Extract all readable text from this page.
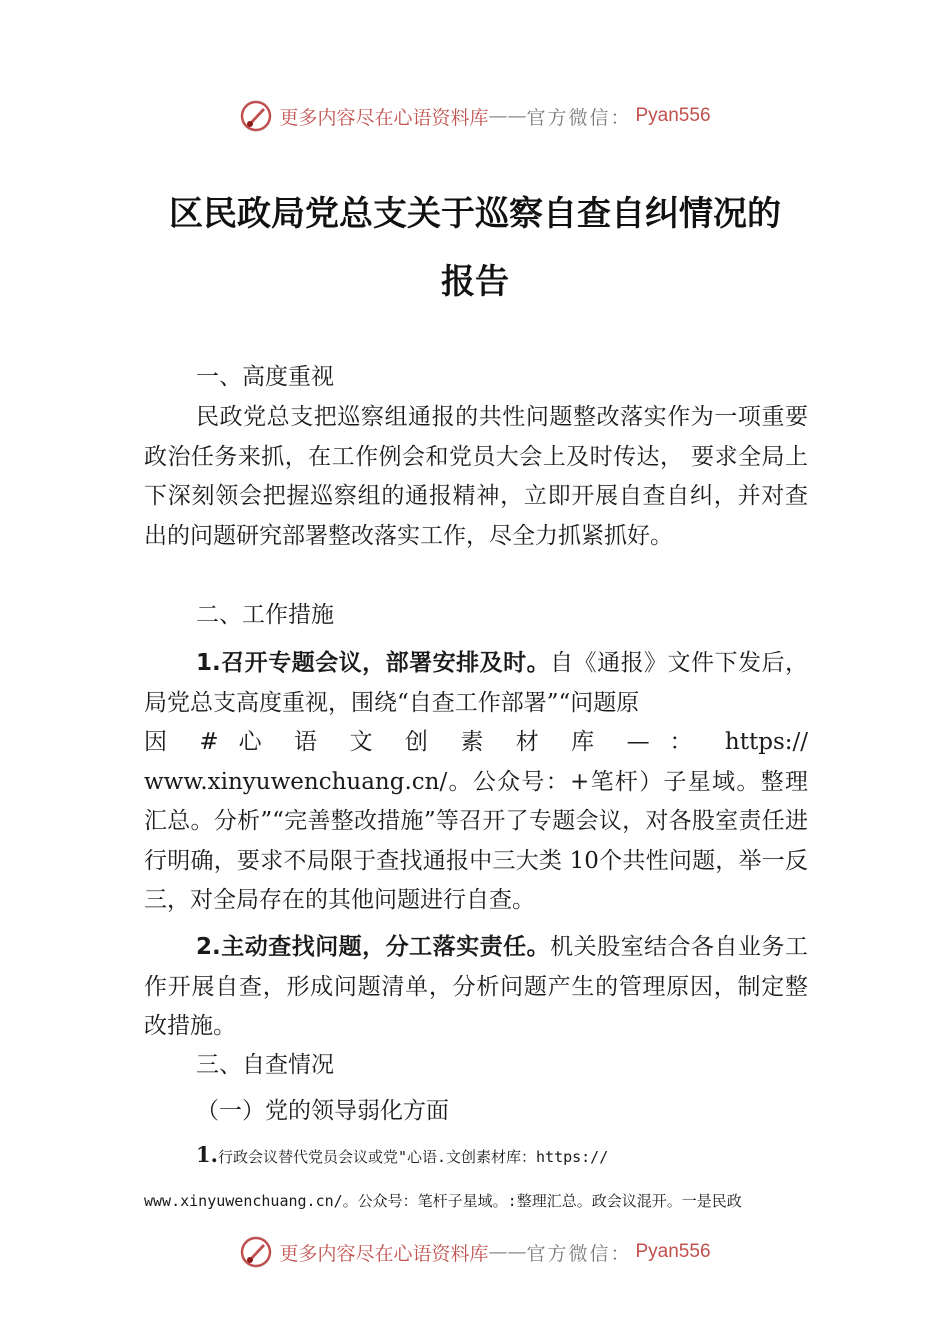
更多内容尽在心语资料库 —— 官方微信： Pyan556
区民政局党总支关于巡察自查自纠情况的
报告
一、高度重视
民政党总支把巡察组通报的共性问题整改落实作为一项重要政治任务来抓，在工作例会和党员大会上及时传达， 要求全局上下深刻领会把握巡察组的通报精神，立即开展自查自纠，并对查出的问题研究部署整改落实工作，尽全力抓紧抓好。
二、工作措施
1.召开专题会议，部署安排及时。自《通报》文件下发后，局党总支高度重视，围绕“自查工作部署”“问题原
因 # 心 语 文 创 素 材 库 — ： https://
www.xinyuwenchuang.cn/。公众号：+笔杆）子星域。整理汇总。分析”“完善整改措施”等召开了专题会议，对各股室责任进行明确，要求不局限于查找通报中三大类 10个共性问题，举一反三，对全局存在的其他问题进行自查。
2.主动查找问题，分工落实责任。机关股室结合各自业务工作开展自查，形成问题清单，分析问题产生的管理原因，制定整改措施。
三、自查情况
（一）党的领导弱化方面
1.行政会议替代党员会议或党"心语.文创素材库：https://
www.xinyuwenchuang.cn/。公众号：笔杆子星域。:整理汇总。政会议混开。一是民政
更多内容尽在心语资料库 —— 官方微信： Pyan556
